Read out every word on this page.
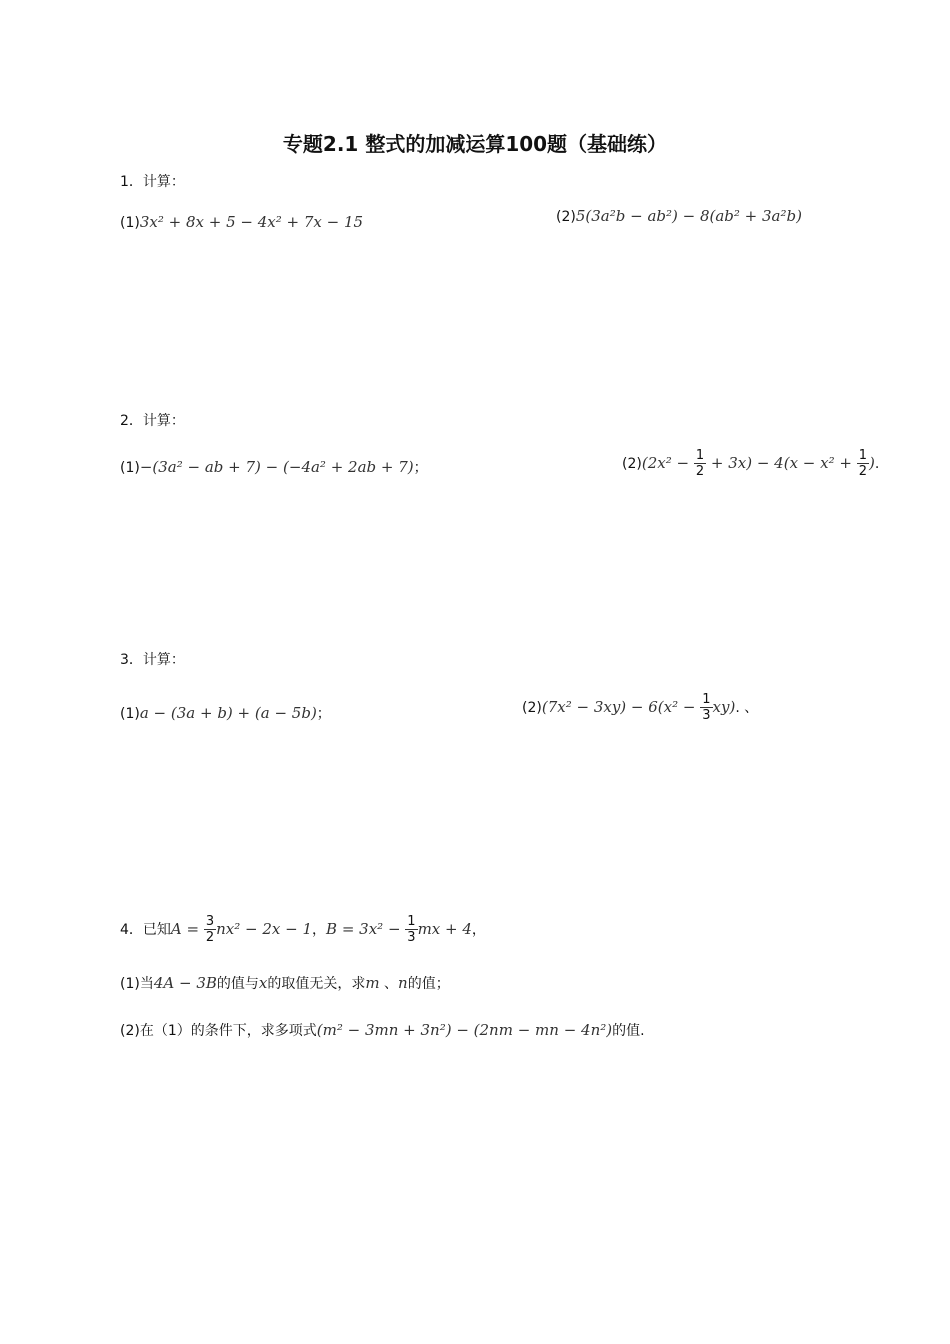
专题2.1 整式的加减运算100题（基础练）
1．计算：
(1)3x² + 8x + 5 − 4x² + 7x − 15	(2)5(3a²b − ab²) − 8(ab² + 3a²b)
2．计算：
(1)−(3a² − ab + 7) − (−4a² + 2ab + 7)；	$(2)(2x^2 - \frac{1}{2} + 3x) - 4(x - x^2 + \frac{1}{2}$ ).
3．计算：
(1)a − (3a + b) + (a − 5b)；	$(2)(7x^2 - 3xy) - 6(x^2 - \frac{1}{3} xy)$. 、
4．已知$A = \frac{3}{2} nx^2 - 2x - 1$，$B = 3x^2 - \frac{1}{3}$ mx + 4，
(1)当4A − 3B的值与x的取值无关，求m 、n的值；
(2)在（1）的条件下，求多项式(m² − 3mn + 3n²) − (2nm − mn − 4n²)的值.
